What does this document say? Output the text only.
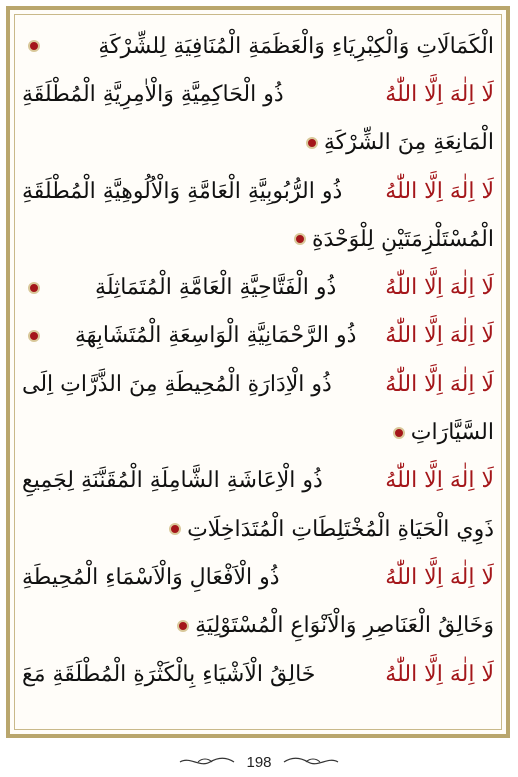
الْكَمَالَاتِ وَالْكِبْرِيَاءِ وَالْعَظَمَةِ الْمُنَافِيَةِ لِلشِّرْكَةِ
لَا اِلٰهَ اِلَّا اللّٰهُ
ذُو الْحَاكِمِيَّةِ وَالْاٰمِرِيَّةِ الْمُطْلَقَةِ
الْمَانِعَةِ مِنَ الشِّرْكَةِ
لَا اِلٰهَ اِلَّا اللّٰهُ
ذُو الرُّبُوبِيَّةِ الْعَامَّةِ وَالْاُلُوهِيَّةِ الْمُطْلَقَةِ
الْمُسْتَلْزِمَتَيْنِ لِلْوَحْدَةِ
لَا اِلٰهَ اِلَّا اللّٰهُ
ذُو الْفَتَّاحِيَّةِ الْعَامَّةِ الْمُتَمَاثِلَةِ
لَا اِلٰهَ اِلَّا اللّٰهُ
ذُو الرَّحْمَانِيَّةِ الْوَاسِعَةِ الْمُتَشَابِهَةِ
لَا اِلٰهَ اِلَّا اللّٰهُ
ذُو الْاِدَارَةِ الْمُحِيطَةِ مِنَ الذَّرَّاتِ اِلَى
السَّيَّارَاتِ
لَا اِلٰهَ اِلَّا اللّٰهُ
ذُو الْاِعَاشَةِ الشَّامِلَةِ الْمُقَنَّنَةِ لِجَمِيعِ
ذَوِي الْحَيَاةِ الْمُخْتَلِطَاتِ الْمُتَدَاخِلَاتِ
لَا اِلٰهَ اِلَّا اللّٰهُ
ذُو الْاَفْعَالِ وَالْاَسْمَاءِ الْمُحِيطَةِ
وَخَالِقُ الْعَنَاصِرِ وَالْاَنْوَاعِ الْمُسْتَوْلِيَةِ
لَا اِلٰهَ اِلَّا اللّٰهُ
خَالِقُ الْاَشْيَاءِ بِالْكَثْرَةِ الْمُطْلَقَةِ مَعَ
198
